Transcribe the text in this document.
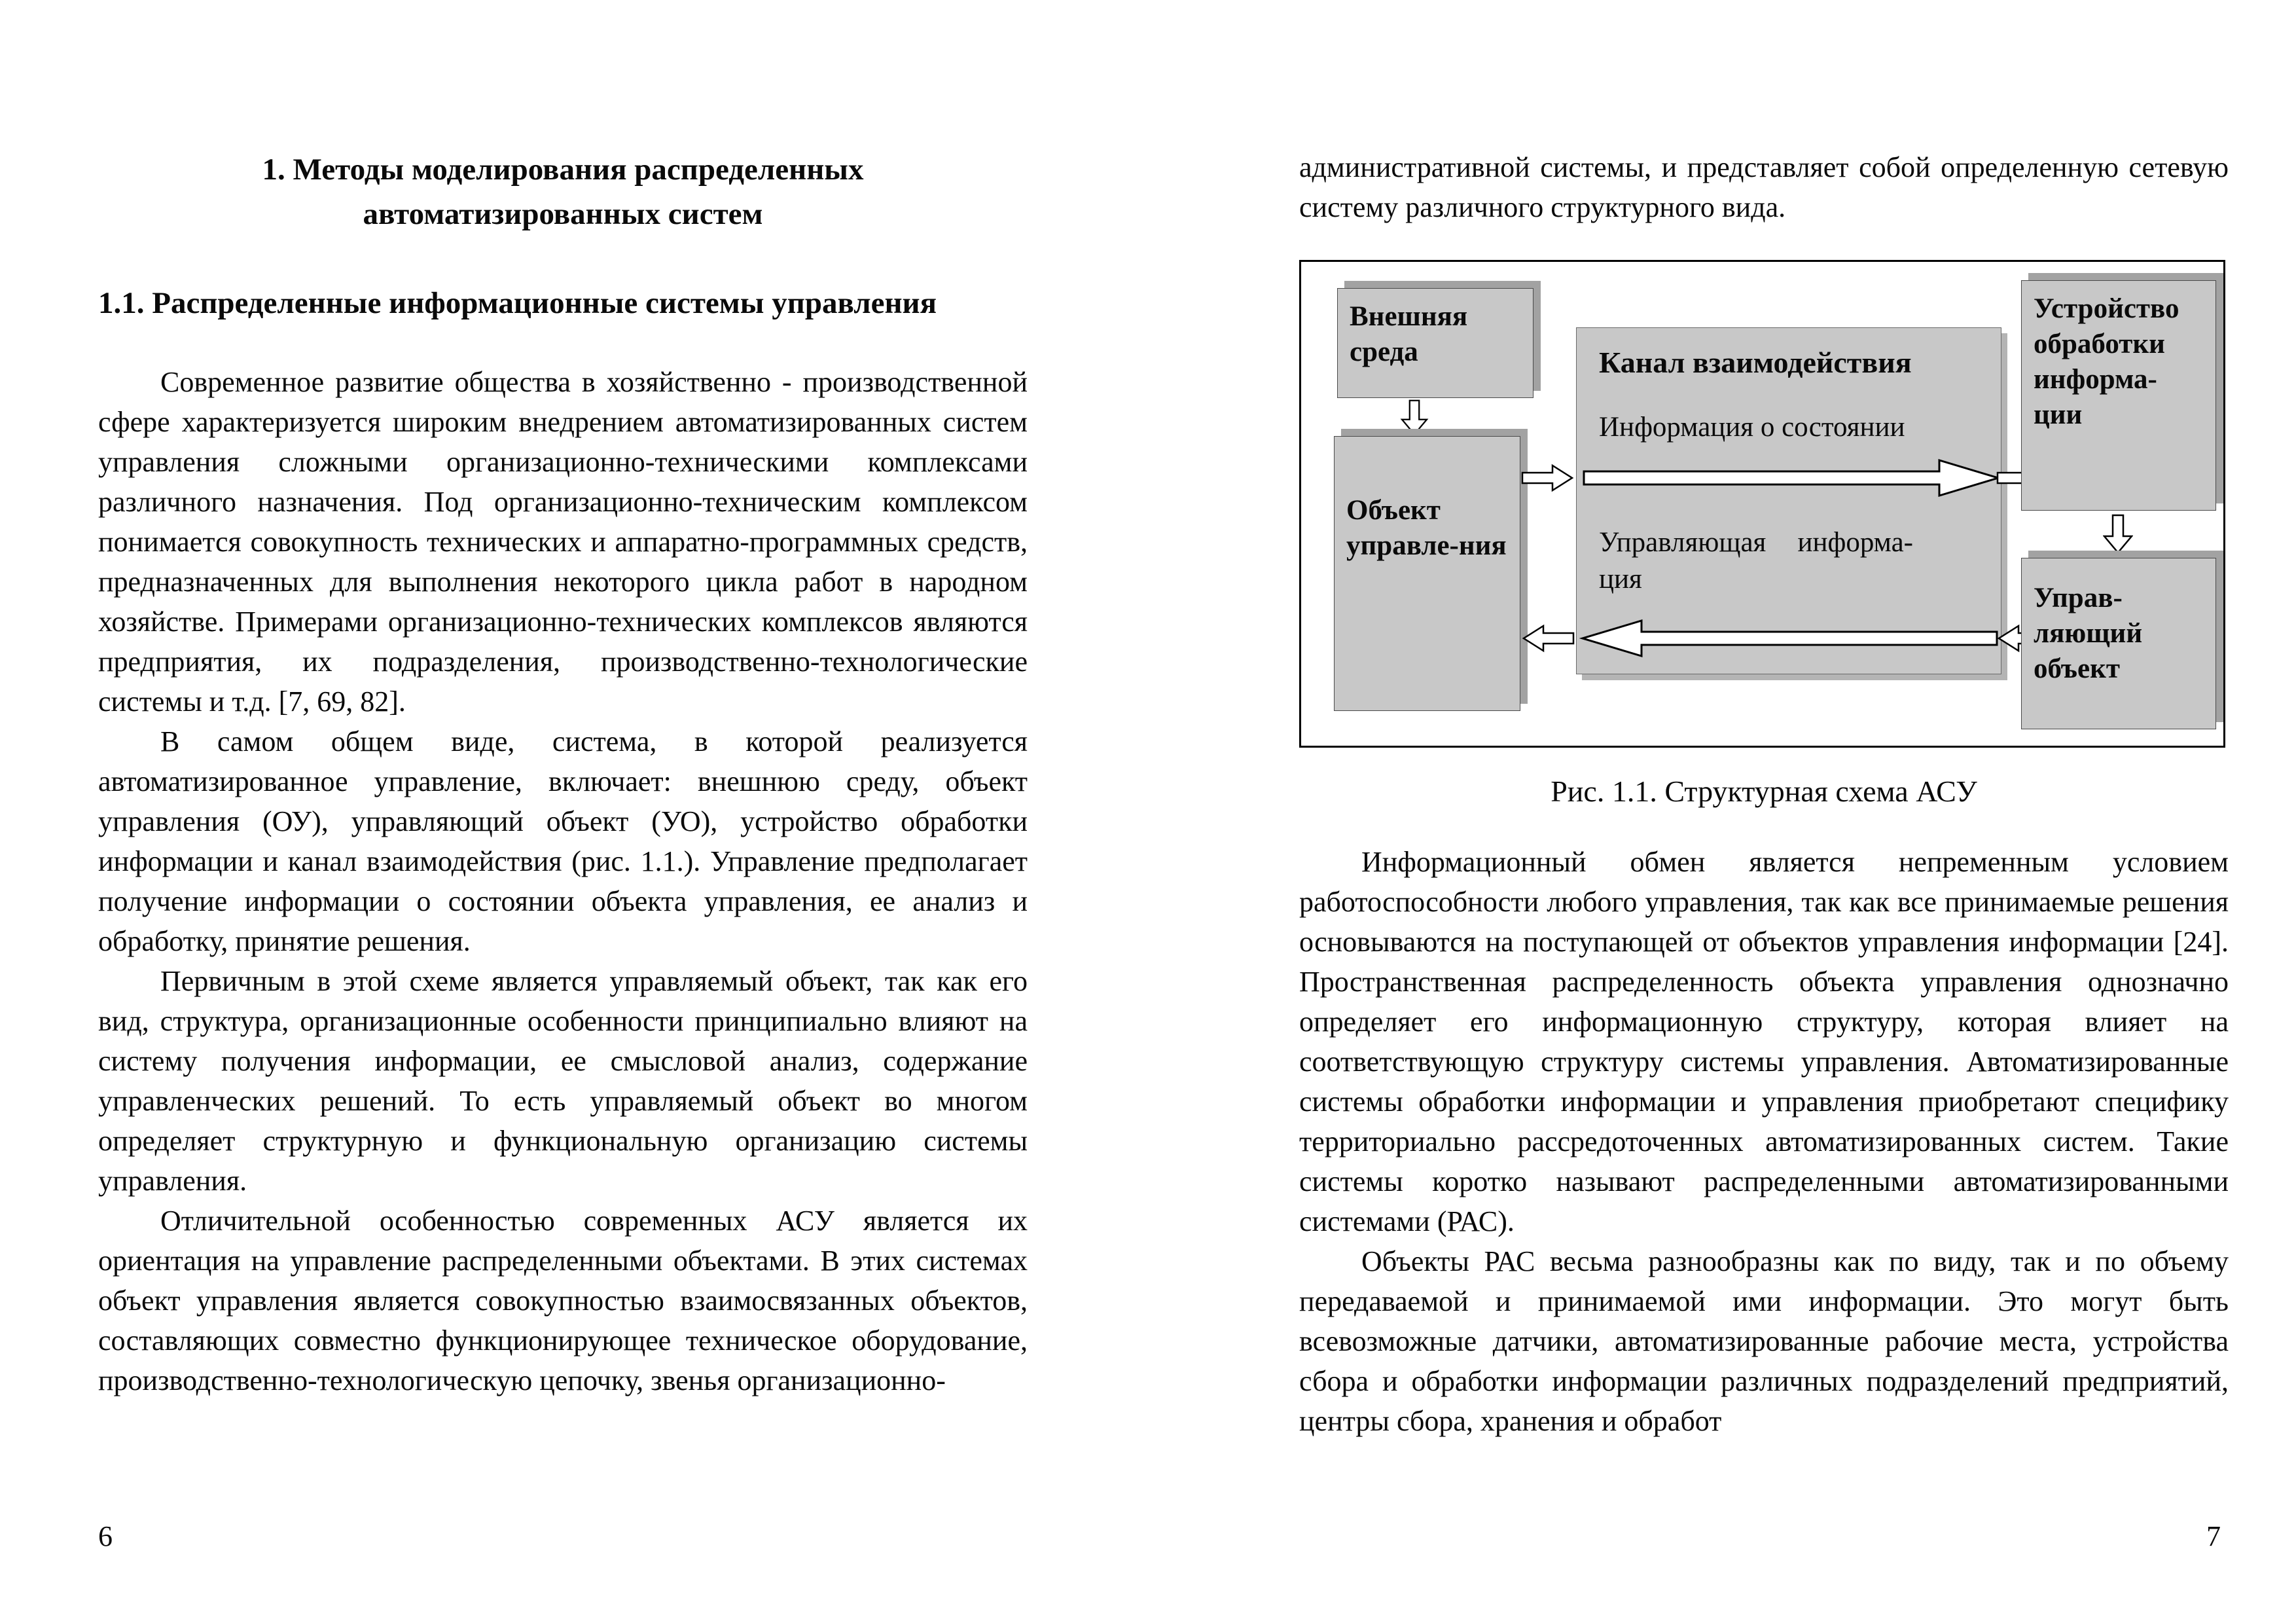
1. Методы моделирования распределенных
автоматизированных систем
1.1. Распределенные информационные системы управления

Современное развитие общества в хозяйственно - производственной сфере характеризуется широким внедрением автоматизированных систем управления сложными организационно-техническими комплексами различного назначения. Под организационно-техническим комплексом понимается совокупность технических и аппаратно-программных средств, предназначенных для выполнения некоторого цикла работ в народном хозяйстве. Примерами организационно-технических комплексов являются предприятия, их подразделения, производственно-технологические системы и т.д. [7, 69, 82].

В самом общем виде, система, в которой реализуется автоматизированное управление, включает: внешнюю среду, объект управления (ОУ), управляющий объект (УО), устройство обработки информации и канал взаимодействия (рис. 1.1.). Управление предполагает получение информации о состоянии объекта управления, ее анализ и обработку, принятие решения.

Первичным в этой схеме является управляемый объект, так как его вид, структура, организационные особенности принципиально влияют на систему получения информации, ее смысловой анализ, содержание управленческих решений. То есть управляемый объект во многом определяет структурную и функциональную организацию системы управления.

Отличительной особенностью современных АСУ является их ориентация на управление распределенными объектами. В этих системах объект управления является совокупностью взаимосвязанных объектов, составляющих совместно функционирующее техническое оборудование, производственно-технологическую цепочку, звенья организационно-

административной системы, и представляет собой определенную сетевую систему различного структурного вида.

Внешняя среда
Объект управле-ния
Канал взаимодействия
Информация о состоянии
Управляющая информа-ция
Устройство обработки информа-ции
Управ-ляющий объект
Рис. 1.1. Структурная схема АСУ

Информационный обмен является непременным условием работоспособности любого управления, так как все принимаемые решения основываются на поступающей от объектов управления информации [24]. Пространственная распределенность объекта управления однозначно определяет его информационную структуру, которая влияет на соответствующую структуру системы управления. Автоматизированные системы обработки информации и управления приобретают специфику территориально рассредоточенных автоматизированных систем. Такие системы коротко называют распределенными автоматизированными системами (РАС).

Объекты РАС весьма разнообразны как по виду, так и по объему передаваемой и принимаемой ими информации. Это могут быть всевозможные датчики, автоматизированные рабочие места, устройства сбора и обработки информации различных подразделений предприятий, центры сбора, хранения и обработ

6	7
